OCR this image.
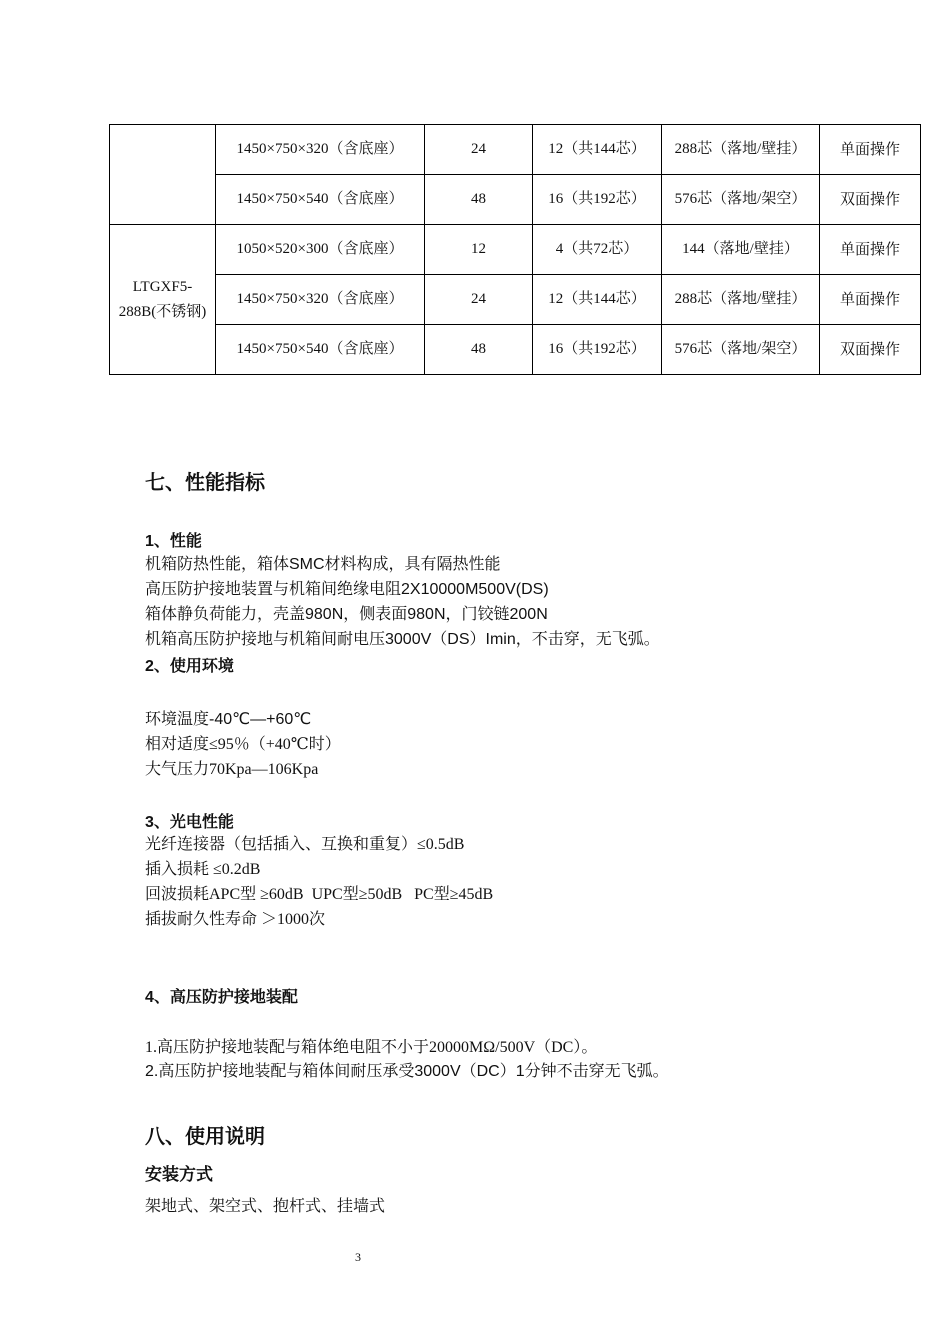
	1450×750×320（含底座）	24	12（共144芯）	288芯（落地/壁挂）	单面操作
	1450×750×540（含底座）	48	16（共192芯）	576芯（落地/架空）	双面操作
LTGXF5-288B(不锈钢)	1050×520×300（含底座）	12	4（共72芯）	144（落地/壁挂）	单面操作
	1450×750×320（含底座）	24	12（共144芯）	288芯（落地/壁挂）	单面操作
	1450×750×540（含底座）	48	16（共192芯）	576芯（落地/架空）	双面操作
七、性能指标
1、性能
机箱防热性能，箱体SMC材料构成，具有隔热性能
高压防护接地装置与机箱间绝缘电阻2X10000M500V(DS)
箱体静负荷能力，壳盖980N，侧表面980N，门铰链200N
机箱高压防护接地与机箱间耐电压3000V（DS）Imin，不击穿，无飞弧。
2、使用环境
环境温度-40℃—+60℃
相对适度≤95％（+40℃时）
大气压力70Kpa—106Kpa
3、光电性能
光纤连接器（包括插入、互换和重复）≤0.5dB
插入损耗 ≤0.2dB
回波损耗APC型 ≥60dB  UPC型≥50dB   PC型≥45dB
插拔耐久性寿命 ＞1000次
4、高压防护接地装配
1.高压防护接地装配与箱体绝电阻不小于20000MΩ/500V（DC）。
2.高压防护接地装配与箱体间耐压承受3000V（DC）1分钟不击穿无飞弧。
八、使用说明
安装方式
架地式、架空式、抱杆式、挂墙式
3
